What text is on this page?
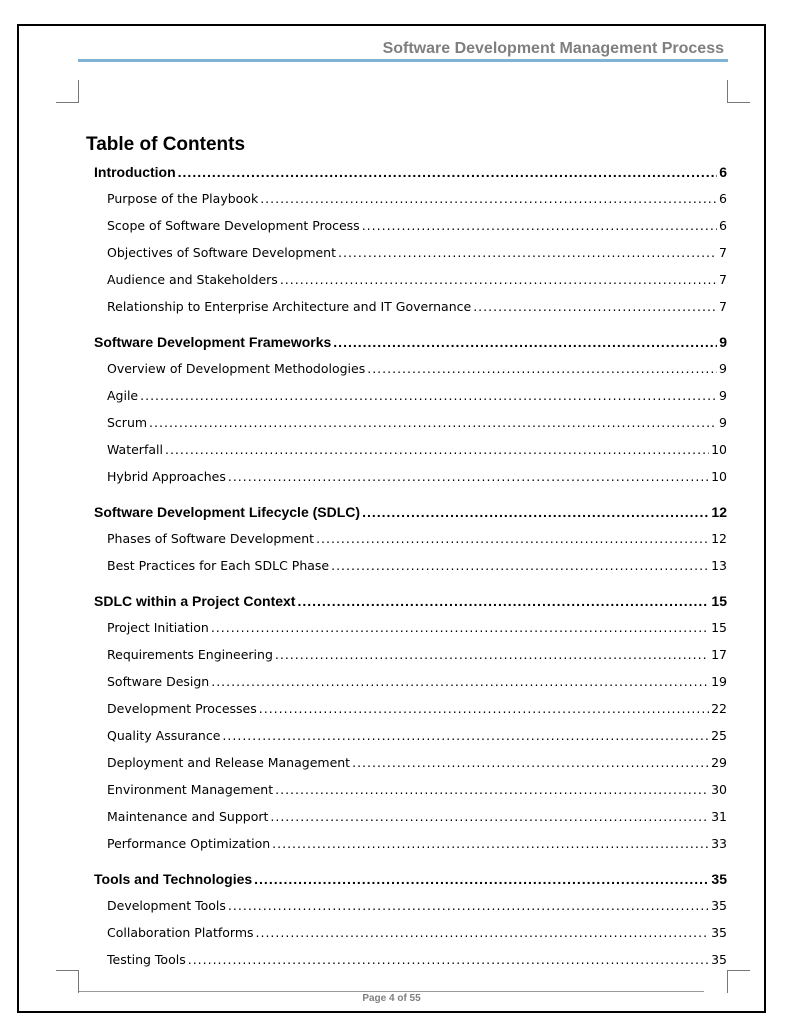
Software Development Management Process
Table of Contents
Introduction .....	6
Purpose of the Playbook .....	6
Scope of Software Development Process .....	6
Objectives of Software Development .....	7
Audience and Stakeholders .....	7
Relationship to Enterprise Architecture and IT Governance .....	7
Software Development Frameworks .....	9
Overview of Development Methodologies .....	9
Agile .....	9
Scrum .....	9
Waterfall .....	10
Hybrid Approaches .....	10
Software Development Lifecycle (SDLC) .....	12
Phases of Software Development .....	12
Best Practices for Each SDLC Phase .....	13
SDLC within a Project Context .....	15
Project Initiation .....	15
Requirements Engineering .....	17
Software Design .....	19
Development Processes .....	22
Quality Assurance .....	25
Deployment and Release Management .....	29
Environment Management .....	30
Maintenance and Support .....	31
Performance Optimization .....	33
Tools and Technologies .....	35
Development Tools .....	35
Collaboration Platforms .....	35
Testing Tools .....	35
Page 4 of 55
